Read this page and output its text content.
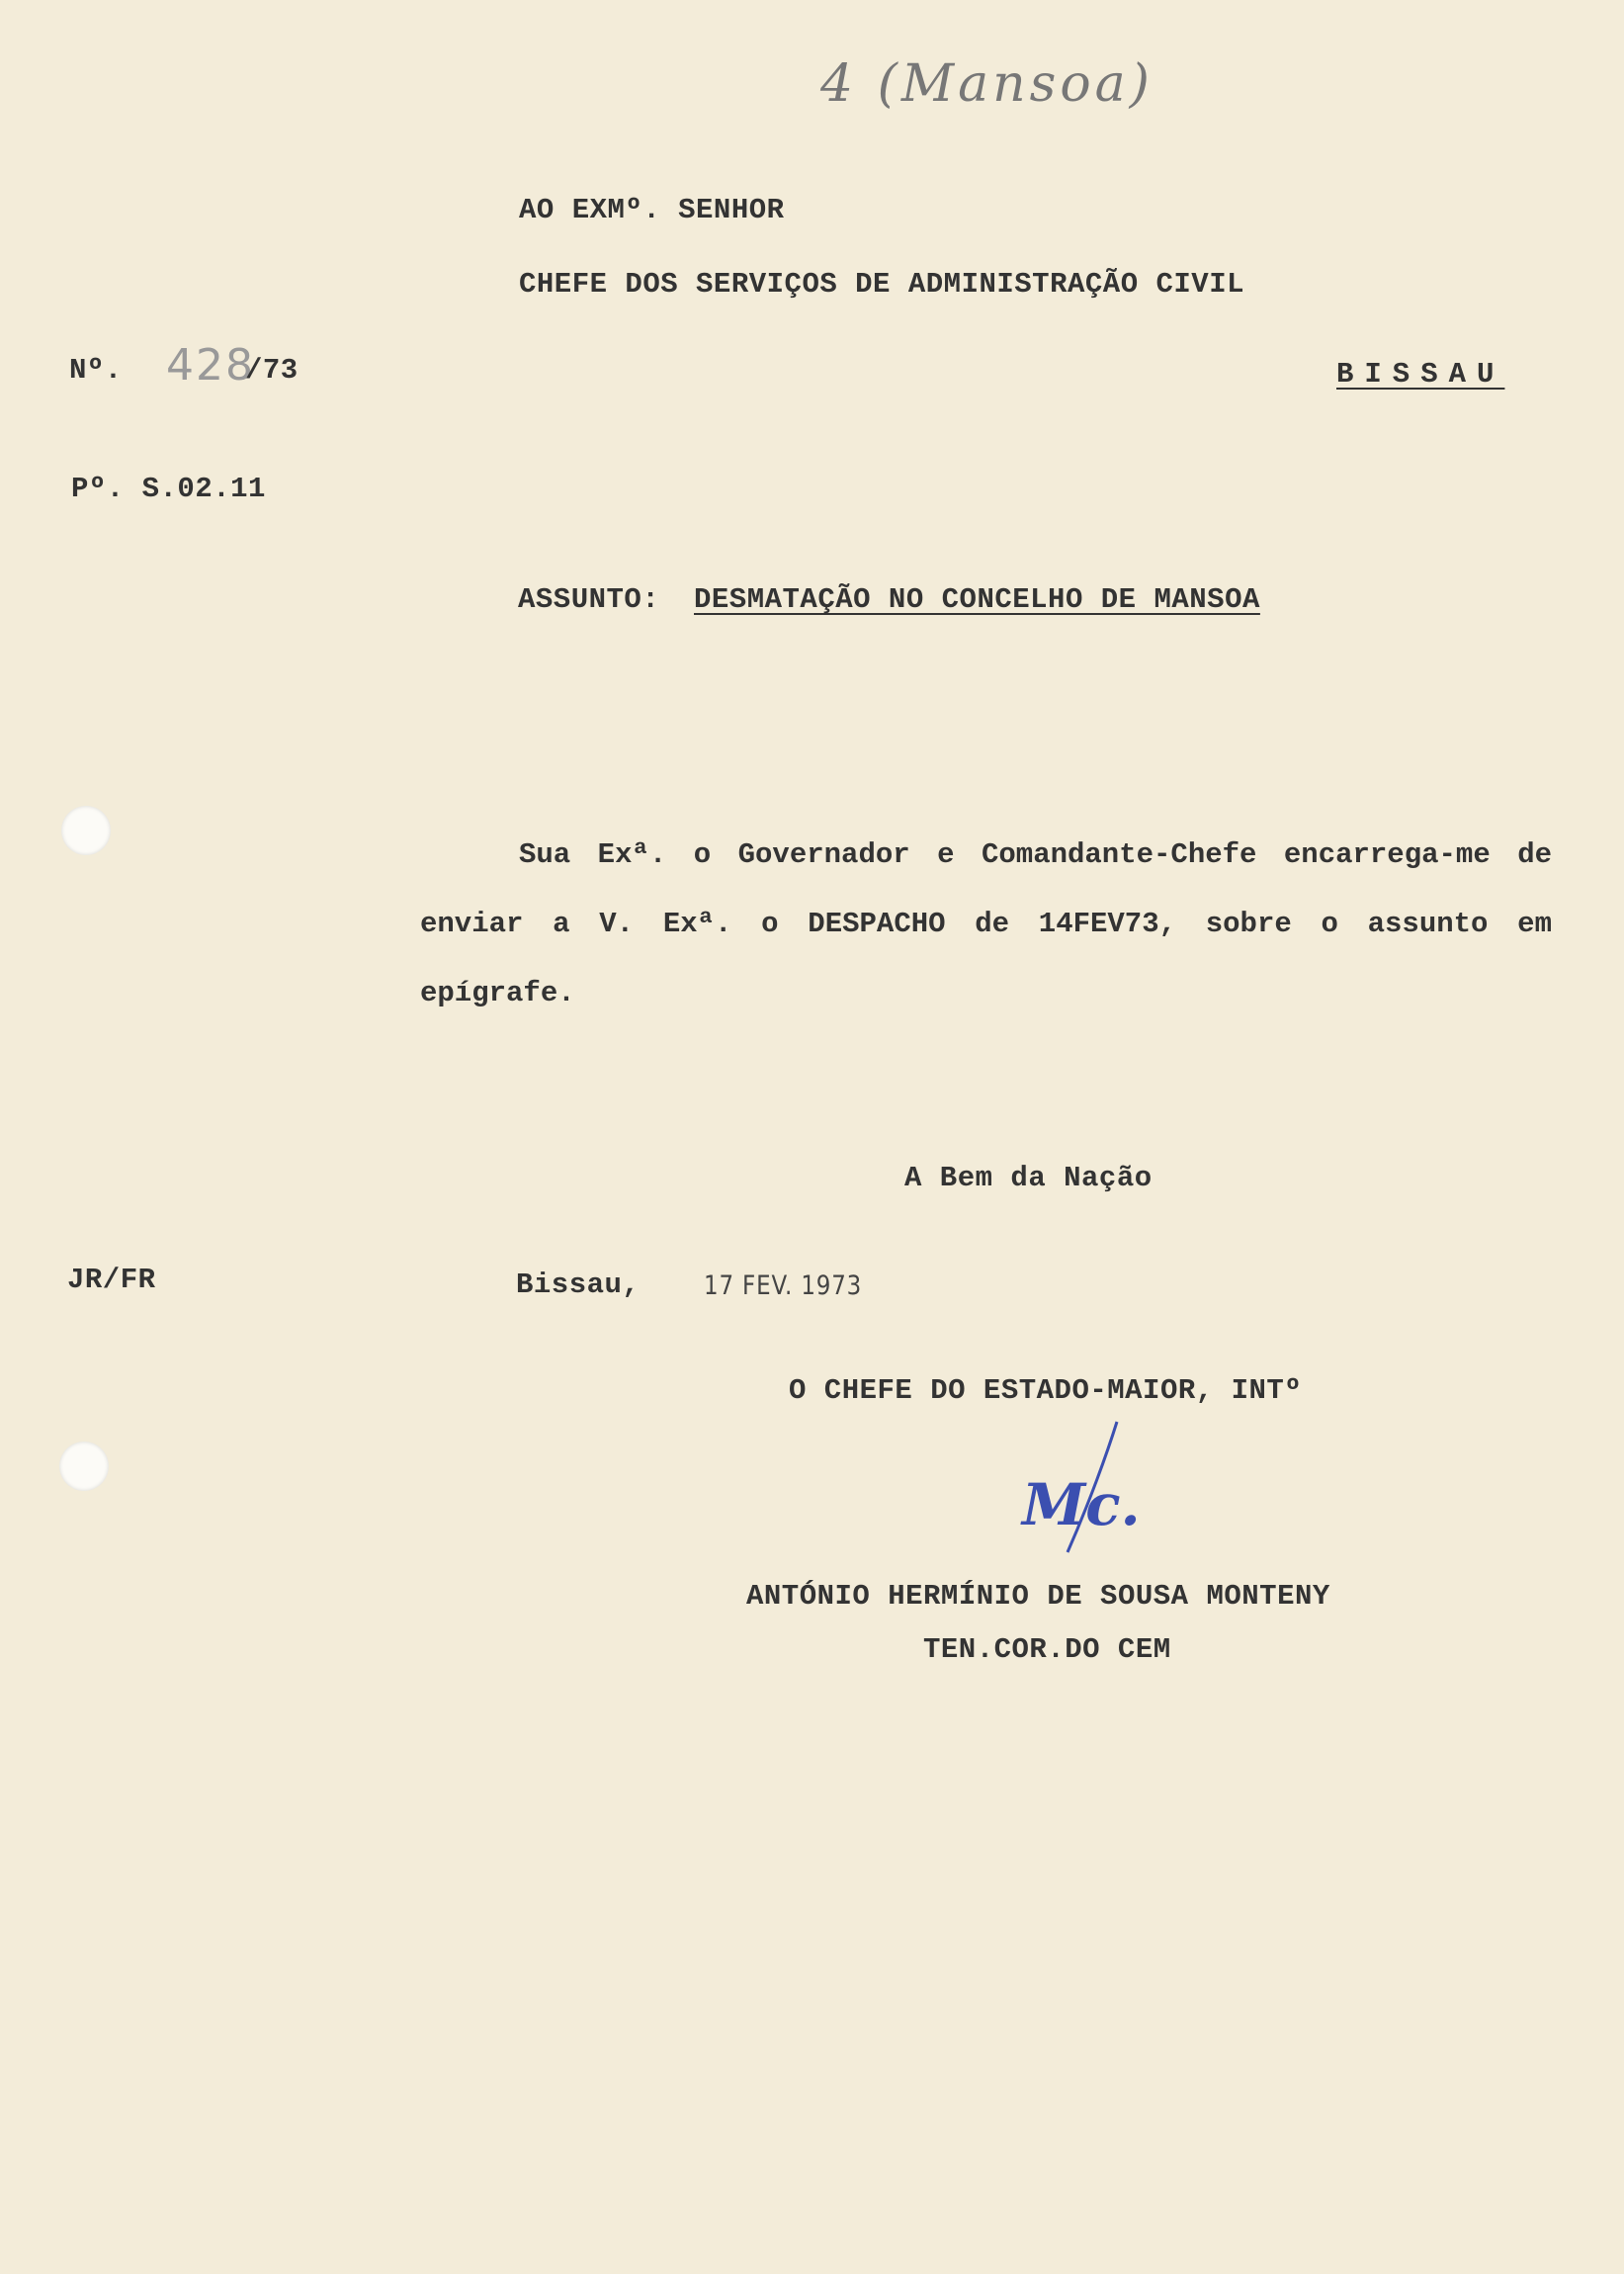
4 (Mansoa)
AO EXMº. SENHOR
CHEFE DOS SERVIÇOS DE ADMINISTRAÇÃO CIVIL
Nº. 428
/73	BISSAU
Pº. S.02.11
ASSUNTO: DESMATAÇÃO NO CONCELHO DE MANSOA
Sua Exª. o Governador e Comandante-Chefe encarrega-me de enviar a V. Exª. o DESPACHO de 14FEV73, sobre o assunto em epígrafe.
A Bem da Nação
JR/FR	Bissau, 17 FEV. 1973
O CHEFE DO ESTADO-MAIOR, INTº
Mc.
ANTÓNIO HERMÍNIO DE SOUSA MONTENY
TEN.COR.DO CEM
